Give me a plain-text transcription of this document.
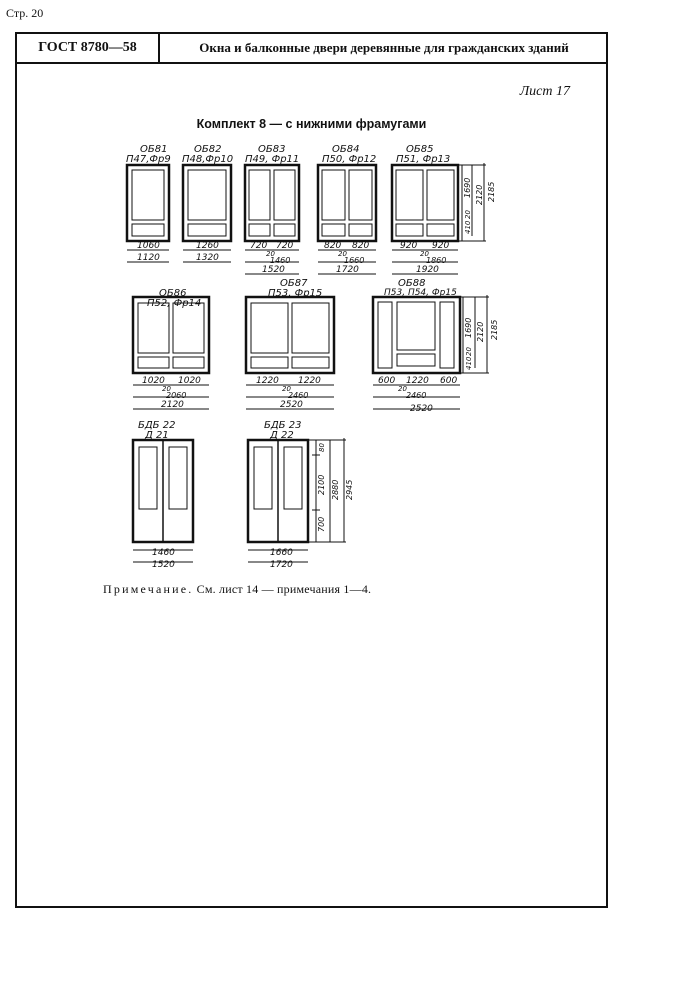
Стр. 20
ГОСТ 8780—58	Окна и балконные двери деревянные для гражданских зданий
Лист 17
Комплект 8 — с нижними фрамугами
Примечание. См. лист 14 — примечания 1—4.
ОБ81
П47,Фр9
1060
1120
ОБ82
П48,Фр10
1260
1320
ОБ83
П49, Фр11
720 720
20
1460
1520
ОБ84
П50, Фр12
820 820
20
1660
1720
ОБ85
П51, Фр13
920 920
20
1860
1920
1690 2120 2185
410
20
ОБ86
П52, Фр14
1020 1020
20
2060
2120
ОБ87
П53, Фр15
1220 1220
20
2460
2520
ОБ88
П53, П54, Фр15
600 1220 600
20
2460
2520
1690 2120 2185
410
20
БДБ 22
Д 21
1460
1520
БДБ 23
Д 22
1660
1720
80
2100 2880 2945
700
